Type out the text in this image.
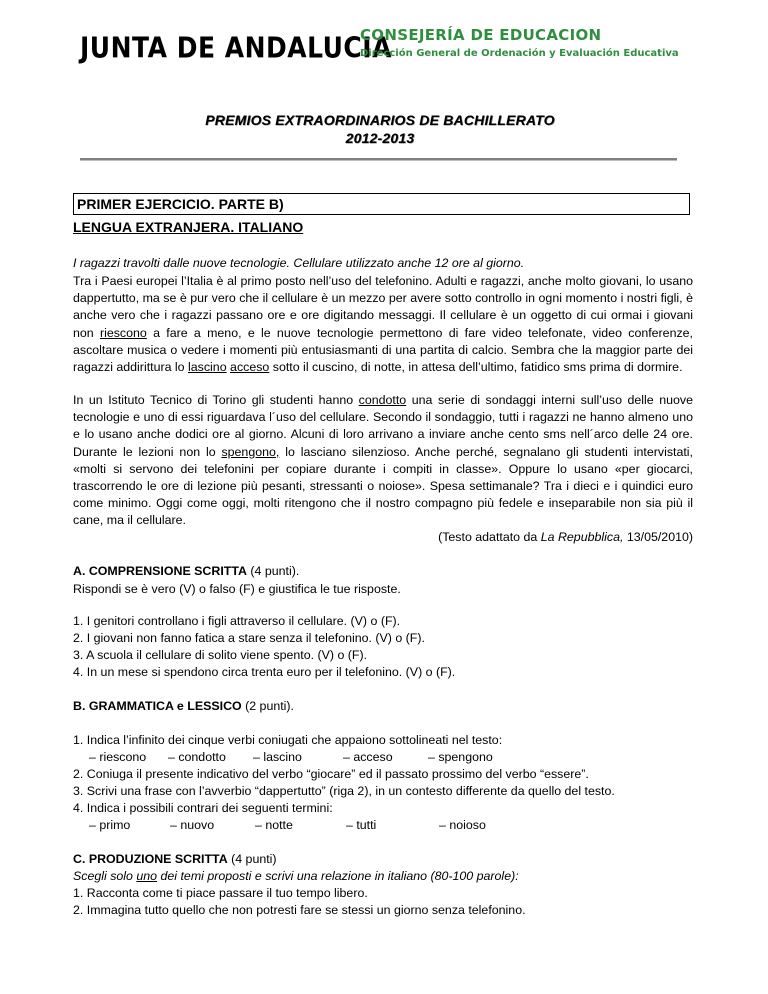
JUNTA DE ANDALUCIA
CONSEJERÍA DE EDUCACION
Dirección General de Ordenación y Evaluación Educativa
PREMIOS EXTRAORDINARIOS DE BACHILLERATO
2012-2013
PRIMER EJERCICIO. PARTE B)
LENGUA EXTRANJERA. ITALIANO
I ragazzi travolti dalle nuove tecnologie. Cellulare utilizzato anche 12 ore al giorno.
Tra i Paesi europei l’Italia è al primo posto nell’uso del telefonino. Adulti e ragazzi, anche molto giovani, lo usano dappertutto, ma se è pur vero che il cellulare è un mezzo per avere sotto controllo in ogni momento i nostri figli, è anche vero che i ragazzi passano ore e ore digitando messaggi. Il cellulare è un oggetto di cui ormai i giovani non riescono a fare a meno, e le nuove tecnologie permettono di fare video telefonate, video conferenze, ascoltare musica o vedere i momenti più entusiasmanti di una partita di calcio. Sembra che la maggior parte dei ragazzi addirittura lo lascino acceso sotto il cuscino, di notte, in attesa dell’ultimo, fatidico sms prima di dormire.
In un Istituto Tecnico di Torino gli studenti hanno condotto una serie di sondaggi interni sull’uso delle nuove tecnologie e uno di essi riguardava l´uso del cellulare. Secondo il sondaggio, tutti i ragazzi ne hanno almeno uno e lo usano anche dodici ore al giorno. Alcuni di loro arrivano a inviare anche cento sms nell´arco delle 24 ore. Durante le lezioni non lo spengono, lo lasciano silenzioso. Anche perché, segnalano gli studenti intervistati, «molti si servono dei telefonini per copiare durante i compiti in classe». Oppure lo usano «per giocarci, trascorrendo le ore di lezione più pesanti, stressanti o noiose». Spesa settimanale? Tra i dieci e i quindici euro come minimo. Oggi come oggi, molti ritengono che il nostro compagno più fedele e inseparabile non sia più il cane, ma il cellulare.
(Testo adattato da La Repubblica, 13/05/2010)
A. COMPRENSIONE SCRITTA (4 punti).
Rispondi se è vero (V) o falso (F) e giustifica le tue risposte.
1. I genitori controllano i figli attraverso il cellulare. (V) o (F).
2. I giovani non fanno fatica a stare senza il telefonino. (V) o (F).
3. A scuola il cellulare di solito viene spento. (V) o (F).
4. In un mese si spendono circa trenta euro per il telefonino. (V) o (F).
B. GRAMMATICA e LESSICO (2 punti).
1. Indica l’infinito dei cinque verbi coniugati che appaiono sottolineati nel testo:
– riescono – condotto – lascino	– acceso	– spengono
2. Coniuga il presente indicativo del verbo “giocare” ed il passato prossimo del verbo “essere”.
3. Scrivi una frase con l’avverbio “dappertutto” (riga 2), in un contesto differente da quello del testo.
4. Indica i possibili contrari dei seguenti termini:
– primo	– nuovo	– notte	– tutti	– noioso
C. PRODUZIONE SCRITTA (4 punti)
Scegli solo uno dei temi proposti e scrivi una relazione in italiano (80-100 parole):
1. Racconta come ti piace passare il tuo tempo libero.
2. Immagina tutto quello che non potresti fare se stessi un giorno senza telefonino.
